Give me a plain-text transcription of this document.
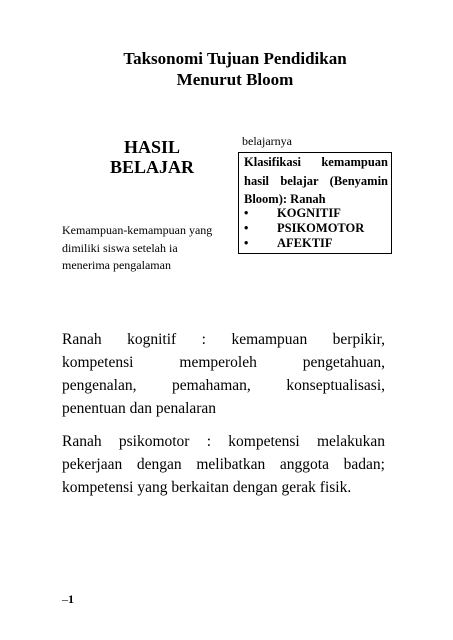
Taksonomi Tujuan Pendidikan
Menurut Bloom
HASIL
BELAJAR
Kemampuan-kemampuan yang
dimiliki siswa setelah ia
menerima pengalaman
belajarnya
Klasifikasi kemampuan
hasil belajar (Benyamin
Bloom): Ranah
•	KOGNITIF
•	PSIKOMOTOR
•	AFEKTIF
Ranah kognitif : kemampuan berpikir,
kompetensi memperoleh pengetahuan,
pengenalan, pemahaman, konseptualisasi,
penentuan dan penalaran
Ranah psikomotor : kompetensi melakukan
pekerjaan dengan melibatkan anggota badan;
kompetensi yang berkaitan dengan gerak fisik.
–1
